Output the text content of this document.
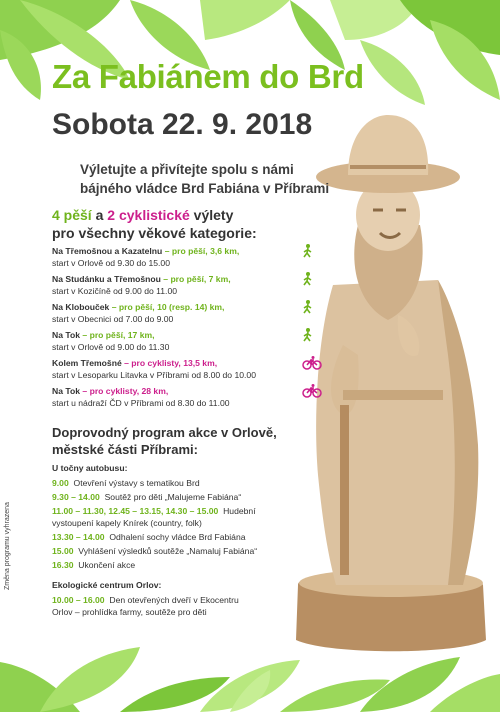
Za Fabiánem do Brd
Sobota 22. 9. 2018
Výletujte a přivítejte spolu s námi
bájného vládce Brd Fabiána v Příbrami
4 pěší a 2 cyklistické výlety
pro všechny věkové kategorie:
Na Třemošnou a Kazatelnu – pro pěší, 3,6 km,
start v Orlově od 9.30 do 15.00
Na Studánku a Třemošnou – pro pěší, 7 km,
start v Kozičíně od 9.00 do 11.00
Na Klobouček – pro pěší, 10 (resp. 14) km,
start v Obecnici od 7.00 do 9.00
Na Tok – pro pěší, 17 km,
start v Orlově od 9.00 do 11.30
Kolem Třemošné – pro cyklisty, 13,5 km,
start v Lesoparku Litavka v Příbrami od 8.00 do 10.00
Na Tok – pro cyklisty, 28 km,
start u nádraží ČD v Příbrami od 8.30 do 11.00
Doprovodný program akce v Orlově,
městské části Příbrami:
U točny autobusu:
9.00 Otevření výstavy s tematikou Brd
9.30 – 14.00 Soutěž pro děti „Malujeme Fabiána“
11.00 – 11.30, 12.45 – 13.15, 14.30 – 15.00 Hudební
vystoupení kapely Knírek (country, folk)
13.30 – 14.00 Odhalení sochy vládce Brd Fabiána
15.00 Vyhlášení výsledků soutěže „Namaluj Fabiána“
16.30 Ukončení akce
Ekologické centrum Orlov:
10.00 – 16.00 Den otevřených dveří v Ekocentru
Orlov – prohlídka farmy, soutěže pro děti
Změna programu vyhrazena
